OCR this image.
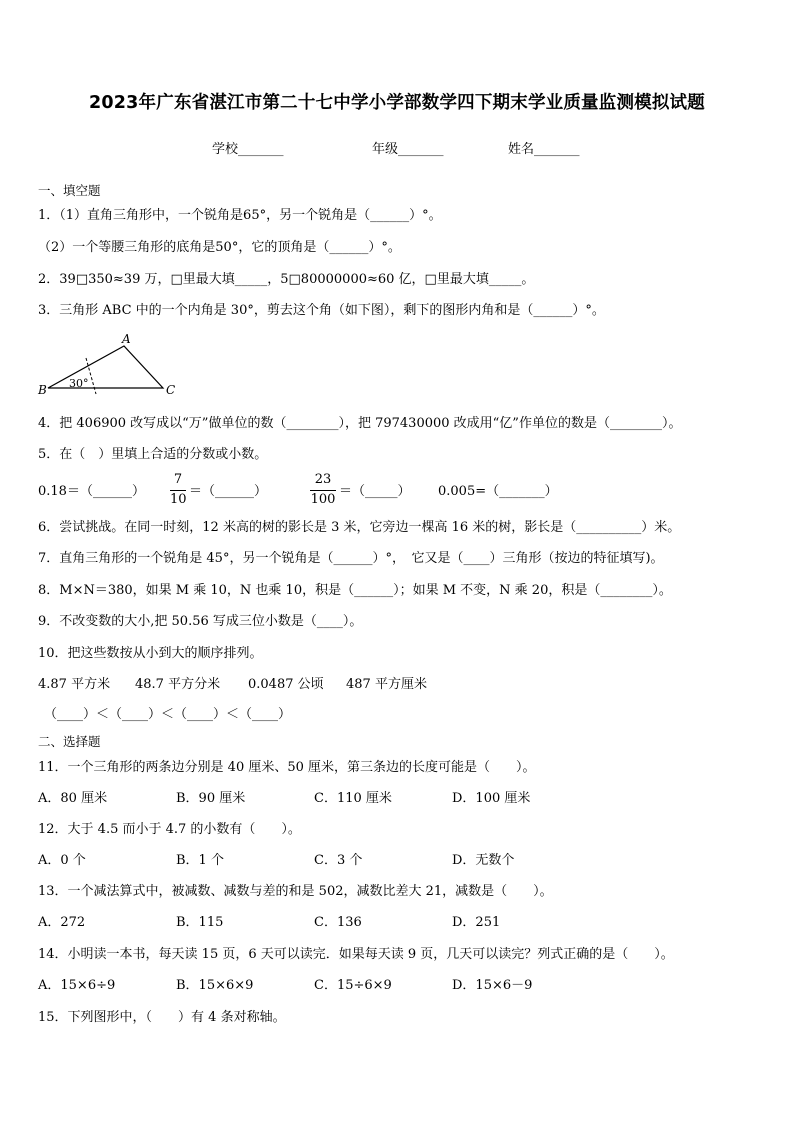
2023年广东省湛江市第二十七中学小学部数学四下期末学业质量监测模拟试题
学校_______	年级_______	姓名_______
一、填空题
1．（1）直角三角形中，一个锐角是65°，另一个锐角是（______）°。
（2）一个等腰三角形的底角是50°，它的顶角是（______）°。
2．39□350≈39 万，□里最大填_____，5□80000000≈60 亿，□里最大填_____。
3．三角形 ABC 中的一个内角是 30°，剪去这个角（如下图），剩下的图形内角和是（______）°。
A
B	C
30°
4．把 406900 改写成以“万”做单位的数（________），把 797430000 改成用“亿”作单位的数是（________）。
5．在（　）里填上合适的分数或小数。
0.18＝（______）
7
10
＝（______）
23
100
＝（_____） 0.005=（_______）
6．尝试挑战。在同一时刻，12 米高的树的影长是 3 米，它旁边一棵高 16 米的树，影长是（__________）米。
7．直角三角形的一个锐角是 45°，另一个锐角是（______）°，　它又是（____）三角形（按边的特征填写)。
8．M×N＝380，如果 M 乘 10，N 也乘 10，积是（______）；如果 M 不变，N 乘 20，积是（________）。
9．不改变数的大小,把 50.56 写成三位小数是（____）。
10．把这些数按从小到大的顺序排列。
4.87 平方米 48.7 平方分米 0.0487 公顷 487 平方厘米
（____）＜（____）＜（____）＜（____）
二、选择题
11．一个三角形的两条边分别是 40 厘米、50 厘米，第三条边的长度可能是（　　）。
A．80 厘米	B．90 厘米	C．110 厘米	D．100 厘米
12．大于 4.5 而小于 4.7 的小数有（　　）。
A．0 个	B．1 个	C．3 个	D．无数个
13．一个减法算式中，被减数、减数与差的和是 502，减数比差大 21，减数是（　　）。
A．272	B．115	C．136	D．251
14．小明读一本书，每天读 15 页，6 天可以读完．如果每天读 9 页，几天可以读完？列式正确的是（　　）。
A．15×6÷9	B．15×6×9	C．15÷6×9	D．15×6－9
15．下列图形中，（　　）有 4 条对称轴。
